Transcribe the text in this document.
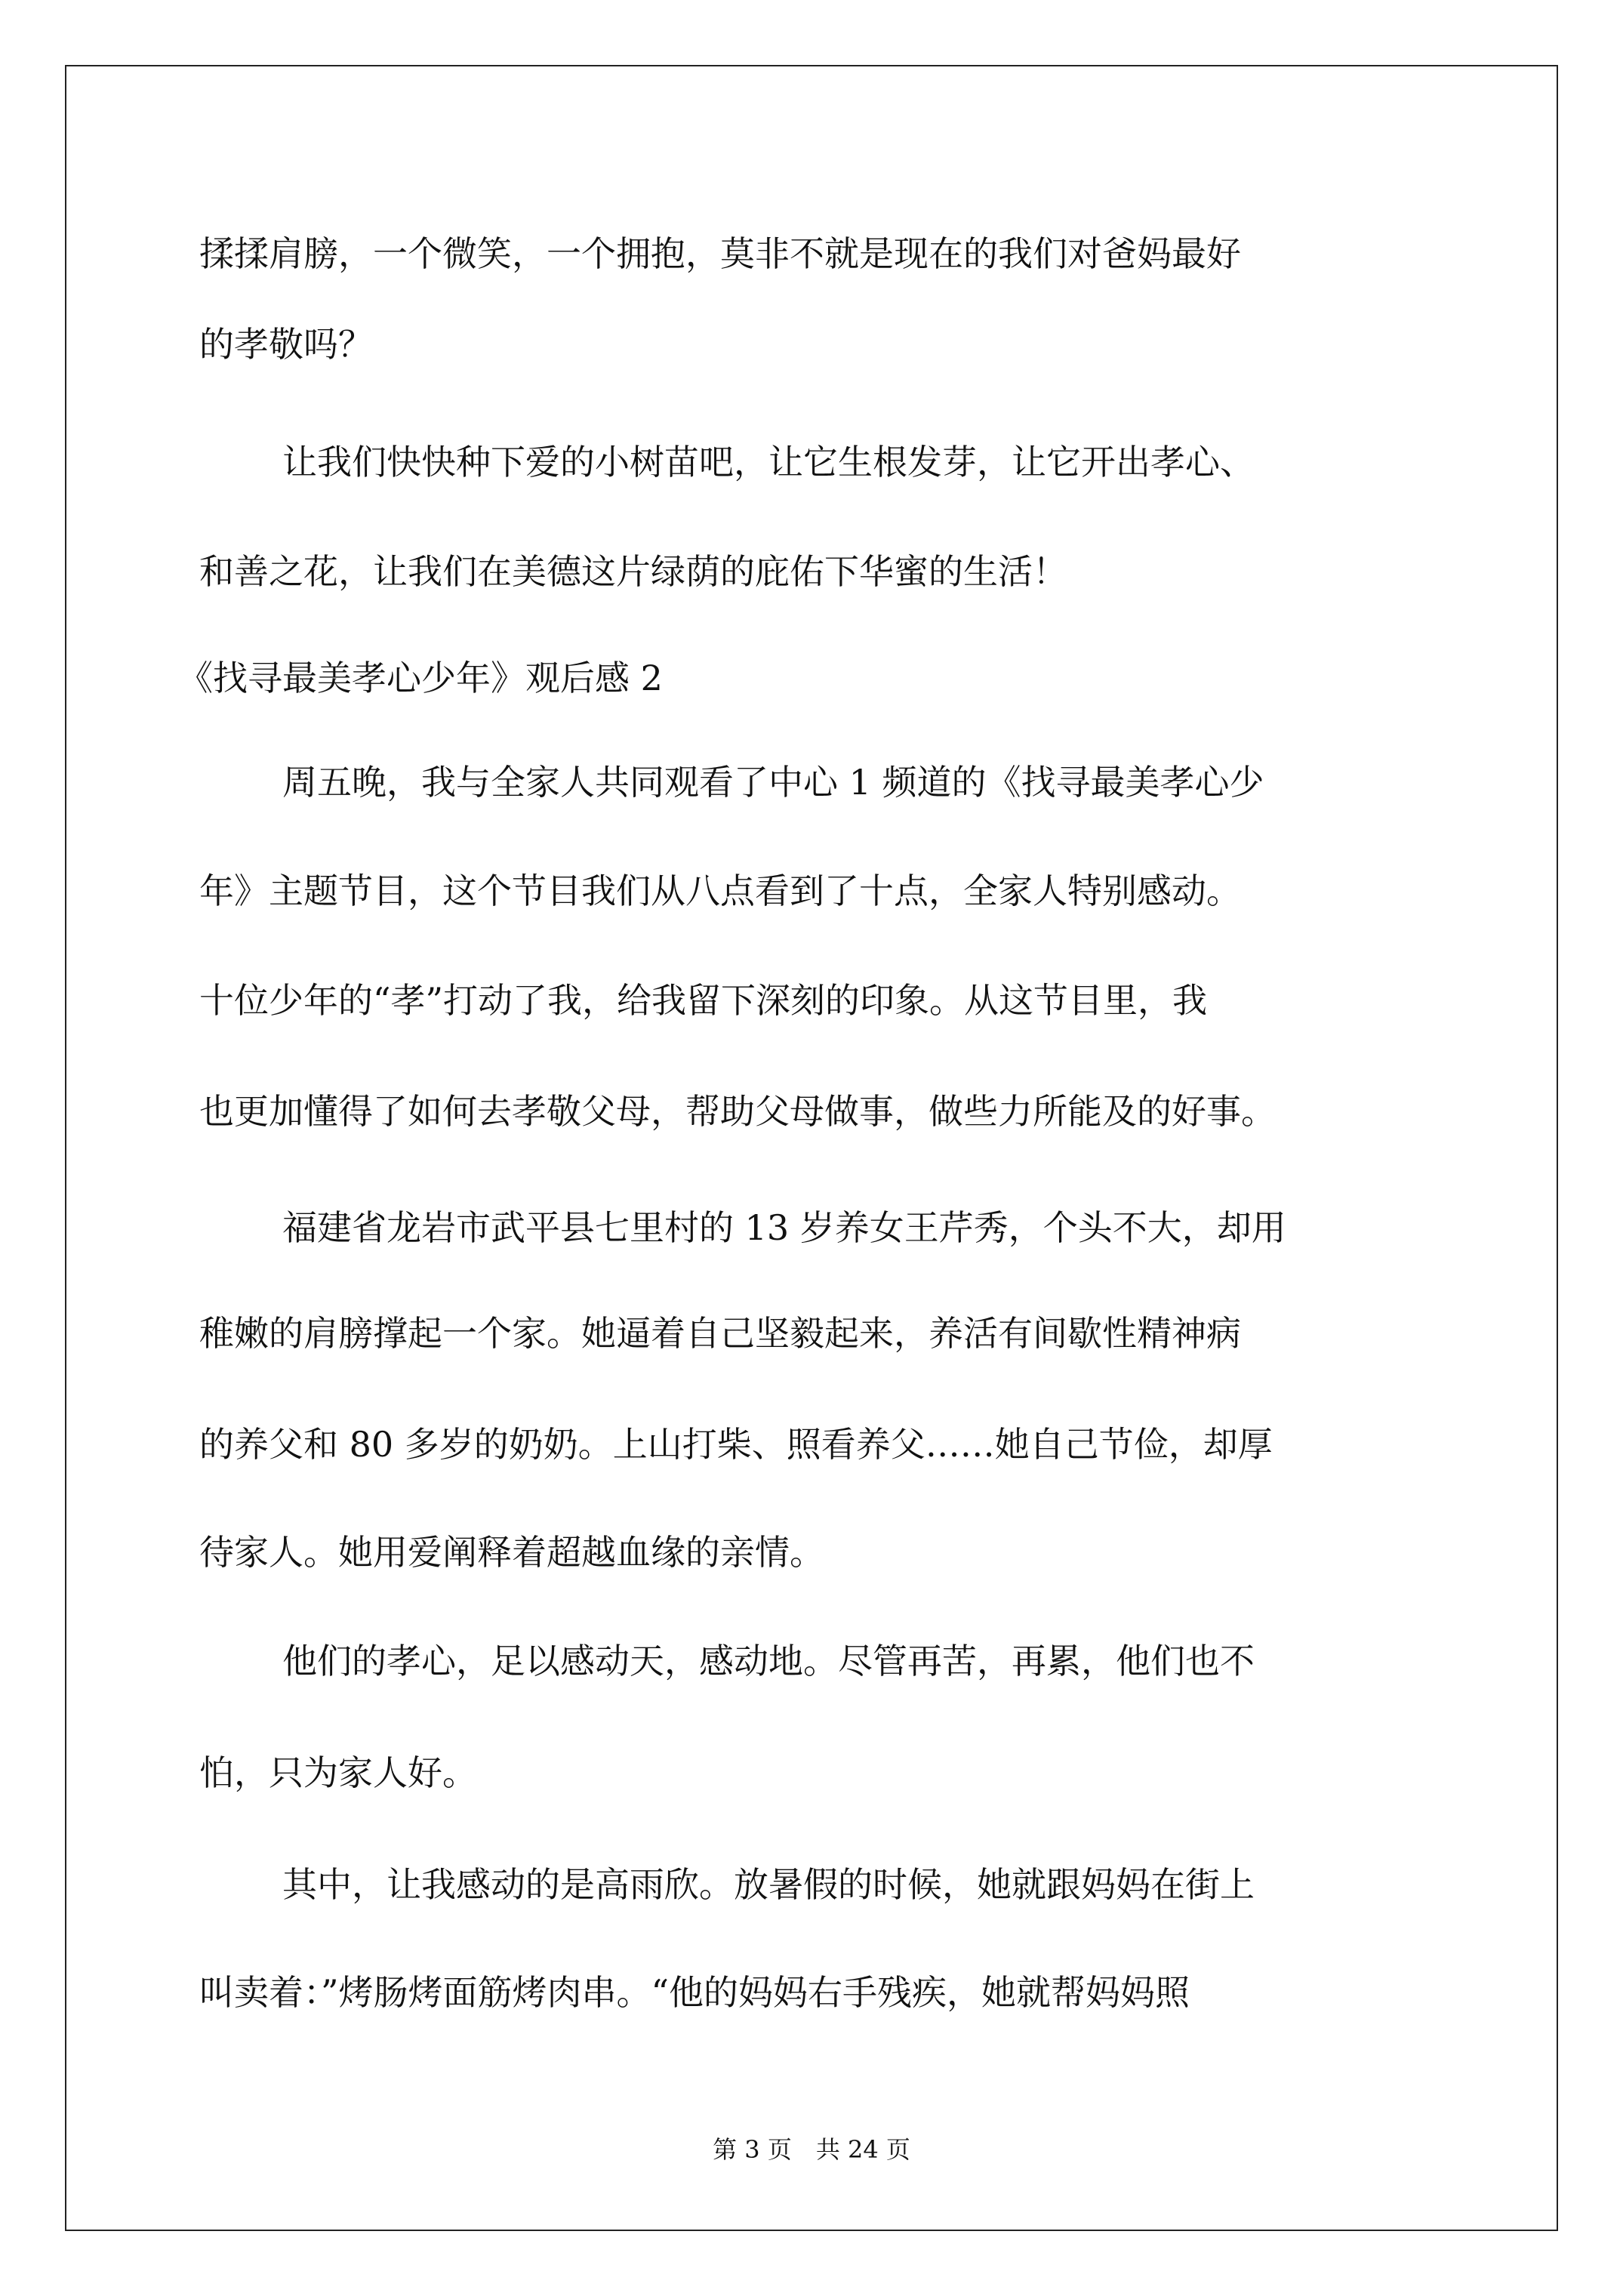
揉揉肩膀，一个微笑，一个拥抱，莫非不就是现在的我们对爸妈最好
的孝敬吗？
让我们快快种下爱的小树苗吧，让它生根发芽，让它开出孝心、
和善之花，让我们在美德这片绿荫的庇佑下华蜜的生活！
《找寻最美孝心少年》观后感 2
周五晚，我与全家人共同观看了中心 1 频道的《找寻最美孝心少
年》主题节目，这个节目我们从八点看到了十点，全家人特别感动。
十位少年的“孝”打动了我，给我留下深刻的印象。从这节目里，我
也更加懂得了如何去孝敬父母，帮助父母做事，做些力所能及的好事。
福建省龙岩市武平县七里村的 13 岁养女王芹秀，个头不大，却用
稚嫩的肩膀撑起一个家。她逼着自己坚毅起来，养活有间歇性精神病
的养父和 80 多岁的奶奶。上山打柴、照看养父……她自己节俭，却厚
待家人。她用爱阐释着超越血缘的亲情。
他们的孝心，足以感动天，感动地。尽管再苦，再累，他们也不
怕，只为家人好。
其中，让我感动的是高雨欣。放暑假的时候，她就跟妈妈在街上
叫卖着：”烤肠烤面筋烤肉串。“他的妈妈右手残疾，她就帮妈妈照
第 3 页　共 24 页
